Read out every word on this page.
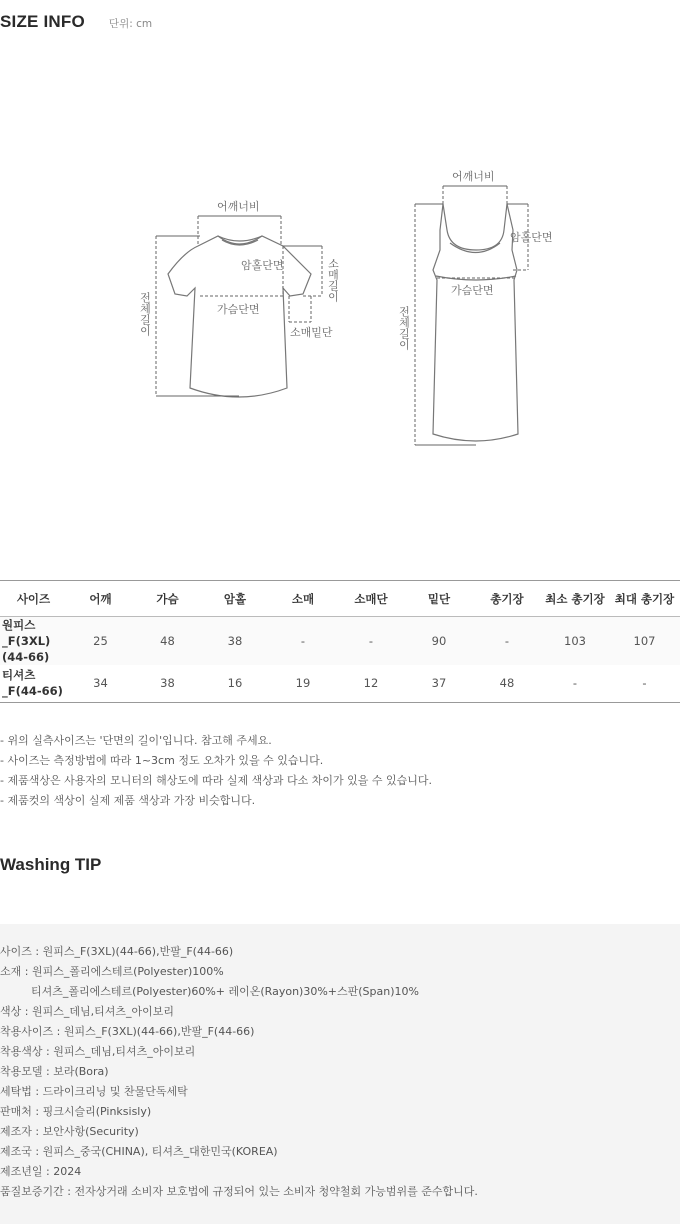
SIZE INFO 단위: cm
어깨너비
암홀단면
가슴단면
소매밑단
소매길이
전체길이
어깨너비
암홀단면
가슴단면
전체길이
사이즈	어깨	가슴	암홀	소매	소매단	밑단	총기장	최소 총기장	최대 총기장
원피스_F(3XL)(44-66)	25	48	38	-	-	90	-	103	107
티셔츠_F(44-66)	34	38	16	19	12	37	48	-	-
- 위의 실측사이즈는 '단면의 길이'입니다. 참고해 주세요.
- 사이즈는 측정방법에 따라 1~3cm 정도 오차가 있을 수 있습니다.
- 제품색상은 사용자의 모니터의 해상도에 따라 실제 색상과 다소 차이가 있을 수 있습니다.
- 제품컷의 색상이 실제 제품 색상과 가장 비슷합니다.
Washing TIP
사이즈 : 원피스_F(3XL)(44-66),반팔_F(44-66)
소재 : 원피스_폴리에스테르(Polyester)100%
티셔츠_폴리에스테르(Polyester)60%+ 레이온(Rayon)30%+스판(Span)10%
색상 : 원피스_데님,티셔츠_아이보리
착용사이즈 : 원피스_F(3XL)(44-66),반팔_F(44-66)
착용색상 : 원피스_데님,티셔츠_아이보리
착용모델 : 보라(Bora)
세탁법 : 드라이크리닝 및 찬물단독세탁
판매처 : 핑크시슬리(Pinksisly)
제조자 : 보안사항(Security)
제조국 : 원피스_중국(CHINA), 티셔츠_대한민국(KOREA)
제조년일 : 2024
품질보증기간 : 전자상거래 소비자 보호법에 규정되어 있는 소비자 청약철회 가능범위를 준수합니다.
